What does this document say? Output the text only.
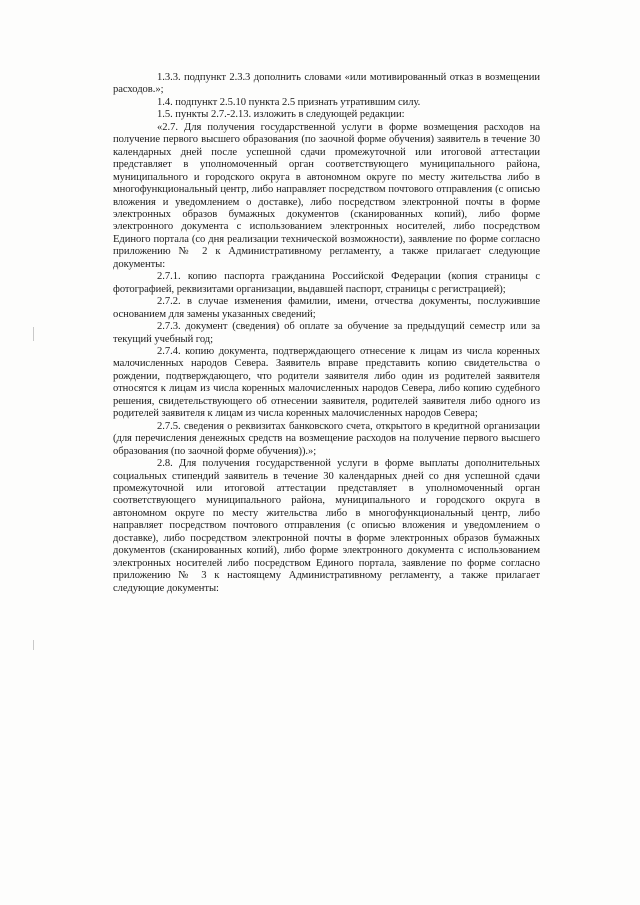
1.3.3. подпункт 2.3.3 дополнить словами «или мотивированный отказ в возмещении расходов.»;

1.4. подпункт 2.5.10 пункта 2.5 признать утратившим силу.

1.5. пункты 2.7.-2.13. изложить в следующей редакции:

«2.7. Для получения государственной услуги в форме возмещения расходов на получение первого высшего образования (по заочной форме обучения) заявитель в течение 30 календарных дней после успешной сдачи промежуточной или итоговой аттестации представляет в уполномоченный орган соответствующего муниципального района, муниципального и городского округа в автономном округе по месту жительства либо в многофункциональный центр, либо направляет посредством почтового отправления (с описью вложения и уведомлением о доставке), либо посредством электронной почты в форме электронных образов бумажных документов (сканированных копий), либо форме электронного документа с использованием электронных носителей, либо посредством Единого портала (со дня реализации технической возможности), заявление по форме согласно приложению № 2 к Административному регламенту, а также прилагает следующие документы:

2.7.1. копию паспорта гражданина Российской Федерации (копия страницы с фотографией, реквизитами организации, выдавшей паспорт, страницы с регистрацией);

2.7.2. в случае изменения фамилии, имени, отчества документы, послужившие основанием для замены указанных сведений;

2.7.3. документ (сведения) об оплате за обучение за предыдущий семестр или за текущий учебный год;

2.7.4. копию документа, подтверждающего отнесение к лицам из числа коренных малочисленных народов Севера. Заявитель вправе представить копию свидетельства о рождении, подтверждающего, что родители заявителя либо один из родителей заявителя относятся к лицам из числа коренных малочисленных народов Севера, либо копию судебного решения, свидетельствующего об отнесении заявителя, родителей заявителя либо одного из родителей заявителя к лицам из числа коренных малочисленных народов Севера;

2.7.5. сведения о реквизитах банковского счета, открытого в кредитной организации (для перечисления денежных средств на возмещение расходов на получение первого высшего образования (по заочной форме обучения)).»;

2.8. Для получения государственной услуги в форме выплаты дополнительных социальных стипендий заявитель в течение 30 календарных дней со дня успешной сдачи промежуточной или итоговой аттестации представляет в уполномоченный орган соответствующего муниципального района, муниципального и городского округа в автономном округе по месту жительства либо в многофункциональный центр, либо направляет посредством почтового отправления (с описью вложения и уведомлением о доставке), либо посредством электронной почты в форме электронных образов бумажных документов (сканированных копий), либо форме электронного документа с использованием электронных носителей либо посредством Единого портала, заявление по форме согласно приложению № 3 к настоящему Административному регламенту, а также прилагает следующие документы:
